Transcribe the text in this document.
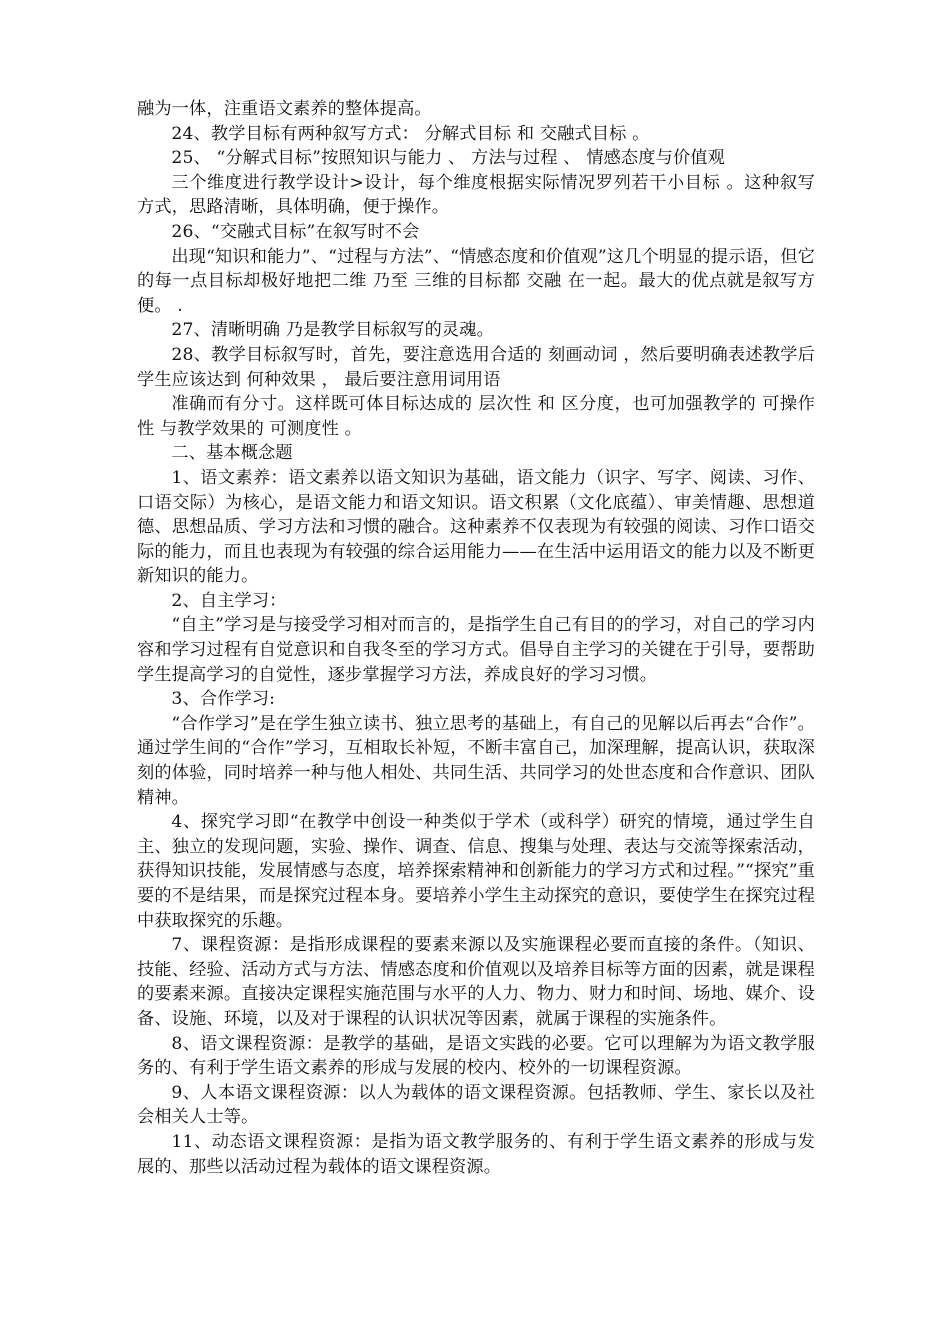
融为一体，注重语文素养的整体提高。

24、教学目标有两种叙写方式： 分解式目标 和 交融式目标 。

25、 “分解式目标”按照知识与能力 、 方法与过程 、 情感态度与价值观

三个维度进行教学设计>设计，每个维度根据实际情况罗列若干小目标 。这种叙写方式，思路清晰，具体明确，便于操作。

26、“交融式目标”在叙写时不会

出现“知识和能力”、“过程与方法”、“情感态度和价值观”这几个明显的提示语，但它的每一点目标却极好地把二维 乃至 三维的目标都 交融 在一起。最大的优点就是叙写方便。 .

27、清晰明确 乃是教学目标叙写的灵魂。

28、教学目标叙写时，首先，要注意选用合适的 刻画动词 ，然后要明确表述教学后学生应该达到 何种效果 ， 最后要注意用词用语

准确而有分寸。这样既可体目标达成的 层次性 和 区分度，也可加强教学的 可操作性 与教学效果的 可测度性 。

二、基本概念题

1、语文素养：语文素养以语文知识为基础，语文能力（识字、写字、阅读、习作、口语交际）为核心，是语文能力和语文知识。语文积累（文化底蕴）、审美情趣、思想道德、思想品质、学习方法和习惯的融合。这种素养不仅表现为有较强的阅读、习作口语交际的能力，而且也表现为有较强的综合运用能力——在生活中运用语文的能力以及不断更新知识的能力。

2、自主学习：

“自主”学习是与接受学习相对而言的，是指学生自己有目的的学习，对自己的学习内容和学习过程有自觉意识和自我冬至的学习方式。倡导自主学习的关键在于引导，要帮助学生提高学习的自觉性，逐步掌握学习方法，养成良好的学习习惯。

3、合作学习:

“合作学习”是在学生独立读书、独立思考的基础上，有自己的见解以后再去“合作”。通过学生间的“合作”学习，互相取长补短，不断丰富自己，加深理解，提高认识，获取深刻的体验，同时培养一种与他人相处、共同生活、共同学习的处世态度和合作意识、团队精神。

4、探究学习即“在教学中创设一种类似于学术（或科学）研究的情境，通过学生自主、独立的发现问题，实验、操作、调查、信息、搜集与处理、表达与交流等探索活动，获得知识技能，发展情感与态度，培养探索精神和创新能力的学习方式和过程。”“探究”重要的不是结果，而是探究过程本身。要培养小学生主动探究的意识，要使学生在探究过程中获取探究的乐趣。

7、课程资源：是指形成课程的要素来源以及实施课程必要而直接的条件。（知识、技能、经验、活动方式与方法、情感态度和价值观以及培养目标等方面的因素，就是课程的要素来源。直接决定课程实施范围与水平的人力、物力、财力和时间、场地、媒介、设备、设施、环境，以及对于课程的认识状况等因素，就属于课程的实施条件。

8、语文课程资源：是教学的基础，是语文实践的必要。它可以理解为为语文教学服务的、有利于学生语文素养的形成与发展的校内、校外的一切课程资源。

9、人本语文课程资源：以人为载体的语文课程资源。包括教师、学生、家长以及社会相关人士等。

11、动态语文课程资源：是指为语文教学服务的、有利于学生语文素养的形成与发展的、那些以活动过程为载体的语文课程资源。
